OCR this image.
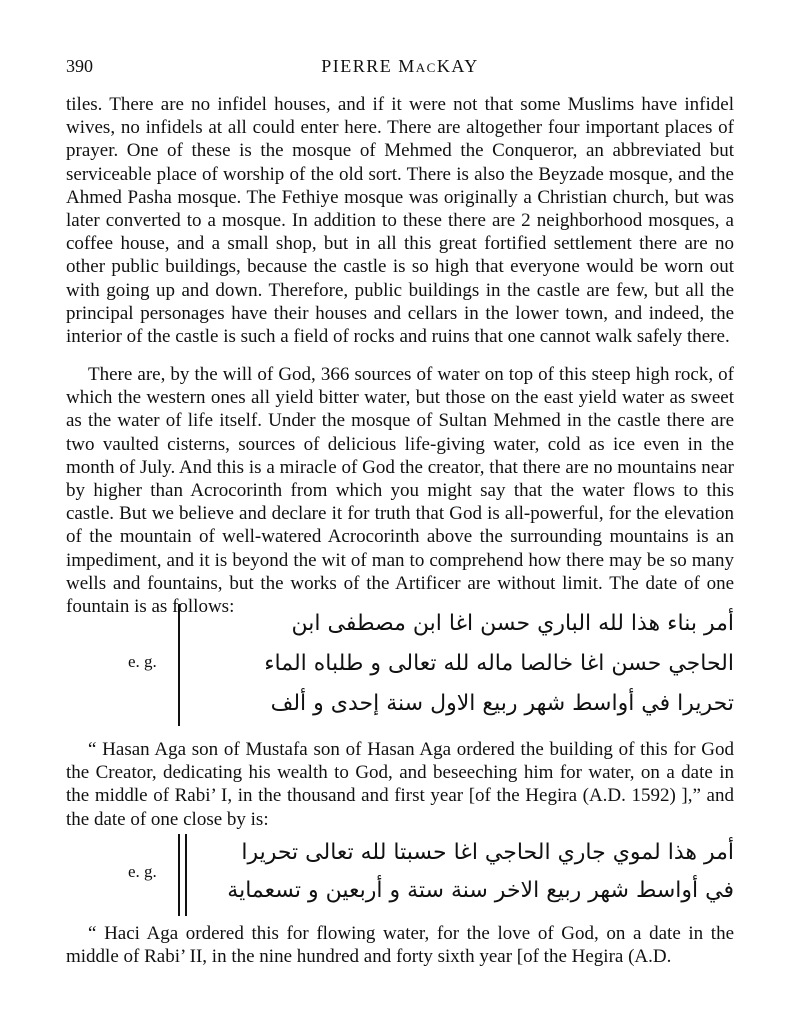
390	PIERRE MacKAY

tiles. There are no infidel houses, and if it were not that some Muslims have infidel wives, no infidels at all could enter here. There are altogether four important places of prayer. One of these is the mosque of Mehmed the Conqueror, an abbreviated but serviceable place of worship of the old sort. There is also the Beyzade mosque, and the Ahmed Pasha mosque. The Fethiye mosque was originally a Christian church, but was later converted to a mosque. In addition to these there are 2 neighborhood mosques, a coffee house, and a small shop, but in all this great fortified settlement there are no other public buildings, because the castle is so high that everyone would be worn out with going up and down. Therefore, public buildings in the castle are few, but all the principal personages have their houses and cellars in the lower town, and indeed, the interior of the castle is such a field of rocks and ruins that one cannot walk safely there.

There are, by the will of God, 366 sources of water on top of this steep high rock, of which the western ones all yield bitter water, but those on the east yield water as sweet as the water of life itself. Under the mosque of Sultan Mehmed in the castle there are two vaulted cisterns, sources of delicious life-giving water, cold as ice even in the month of July. And this is a miracle of God the creator, that there are no mountains near by higher than Acrocorinth from which you might say that the water flows to this castle. But we believe and declare it for truth that God is all-powerful, for the elevation of the mountain of well-watered Acrocorinth above the surrounding mountains is an impediment, and it is beyond the wit of man to comprehend how there may be so many wells and fountains, but the works of the Artificer are without limit. The date of one fountain is as follows:

e. g.
أمر بناء هذا لله الباري حسن اغا ابن مصطفى ابن
الحاجي حسن اغا خالصا ماله لله تعالى و طلباه الماء
تحريرا في أواسط شهر ربيع الاول سنة إحدى و ألف

“ Hasan Aga son of Mustafa son of Hasan Aga ordered the building of this for God the Creator, dedicating his wealth to God, and beseeching him for water, on a date in the middle of Rabi’ I, in the thousand and first year [of the Hegira (A.D. 1592) ],” and the date of one close by is:

e. g.
أمر هذا لموي جاري الحاجي اغا حسبتا لله تعالى تحريرا
في أواسط شهر ربيع الاخر سنة ستة و أربعين و تسعماية

“ Haci Aga ordered this for flowing water, for the love of God, on a date in the middle of Rabi’ II, in the nine hundred and forty sixth year [of the Hegira (A.D.
